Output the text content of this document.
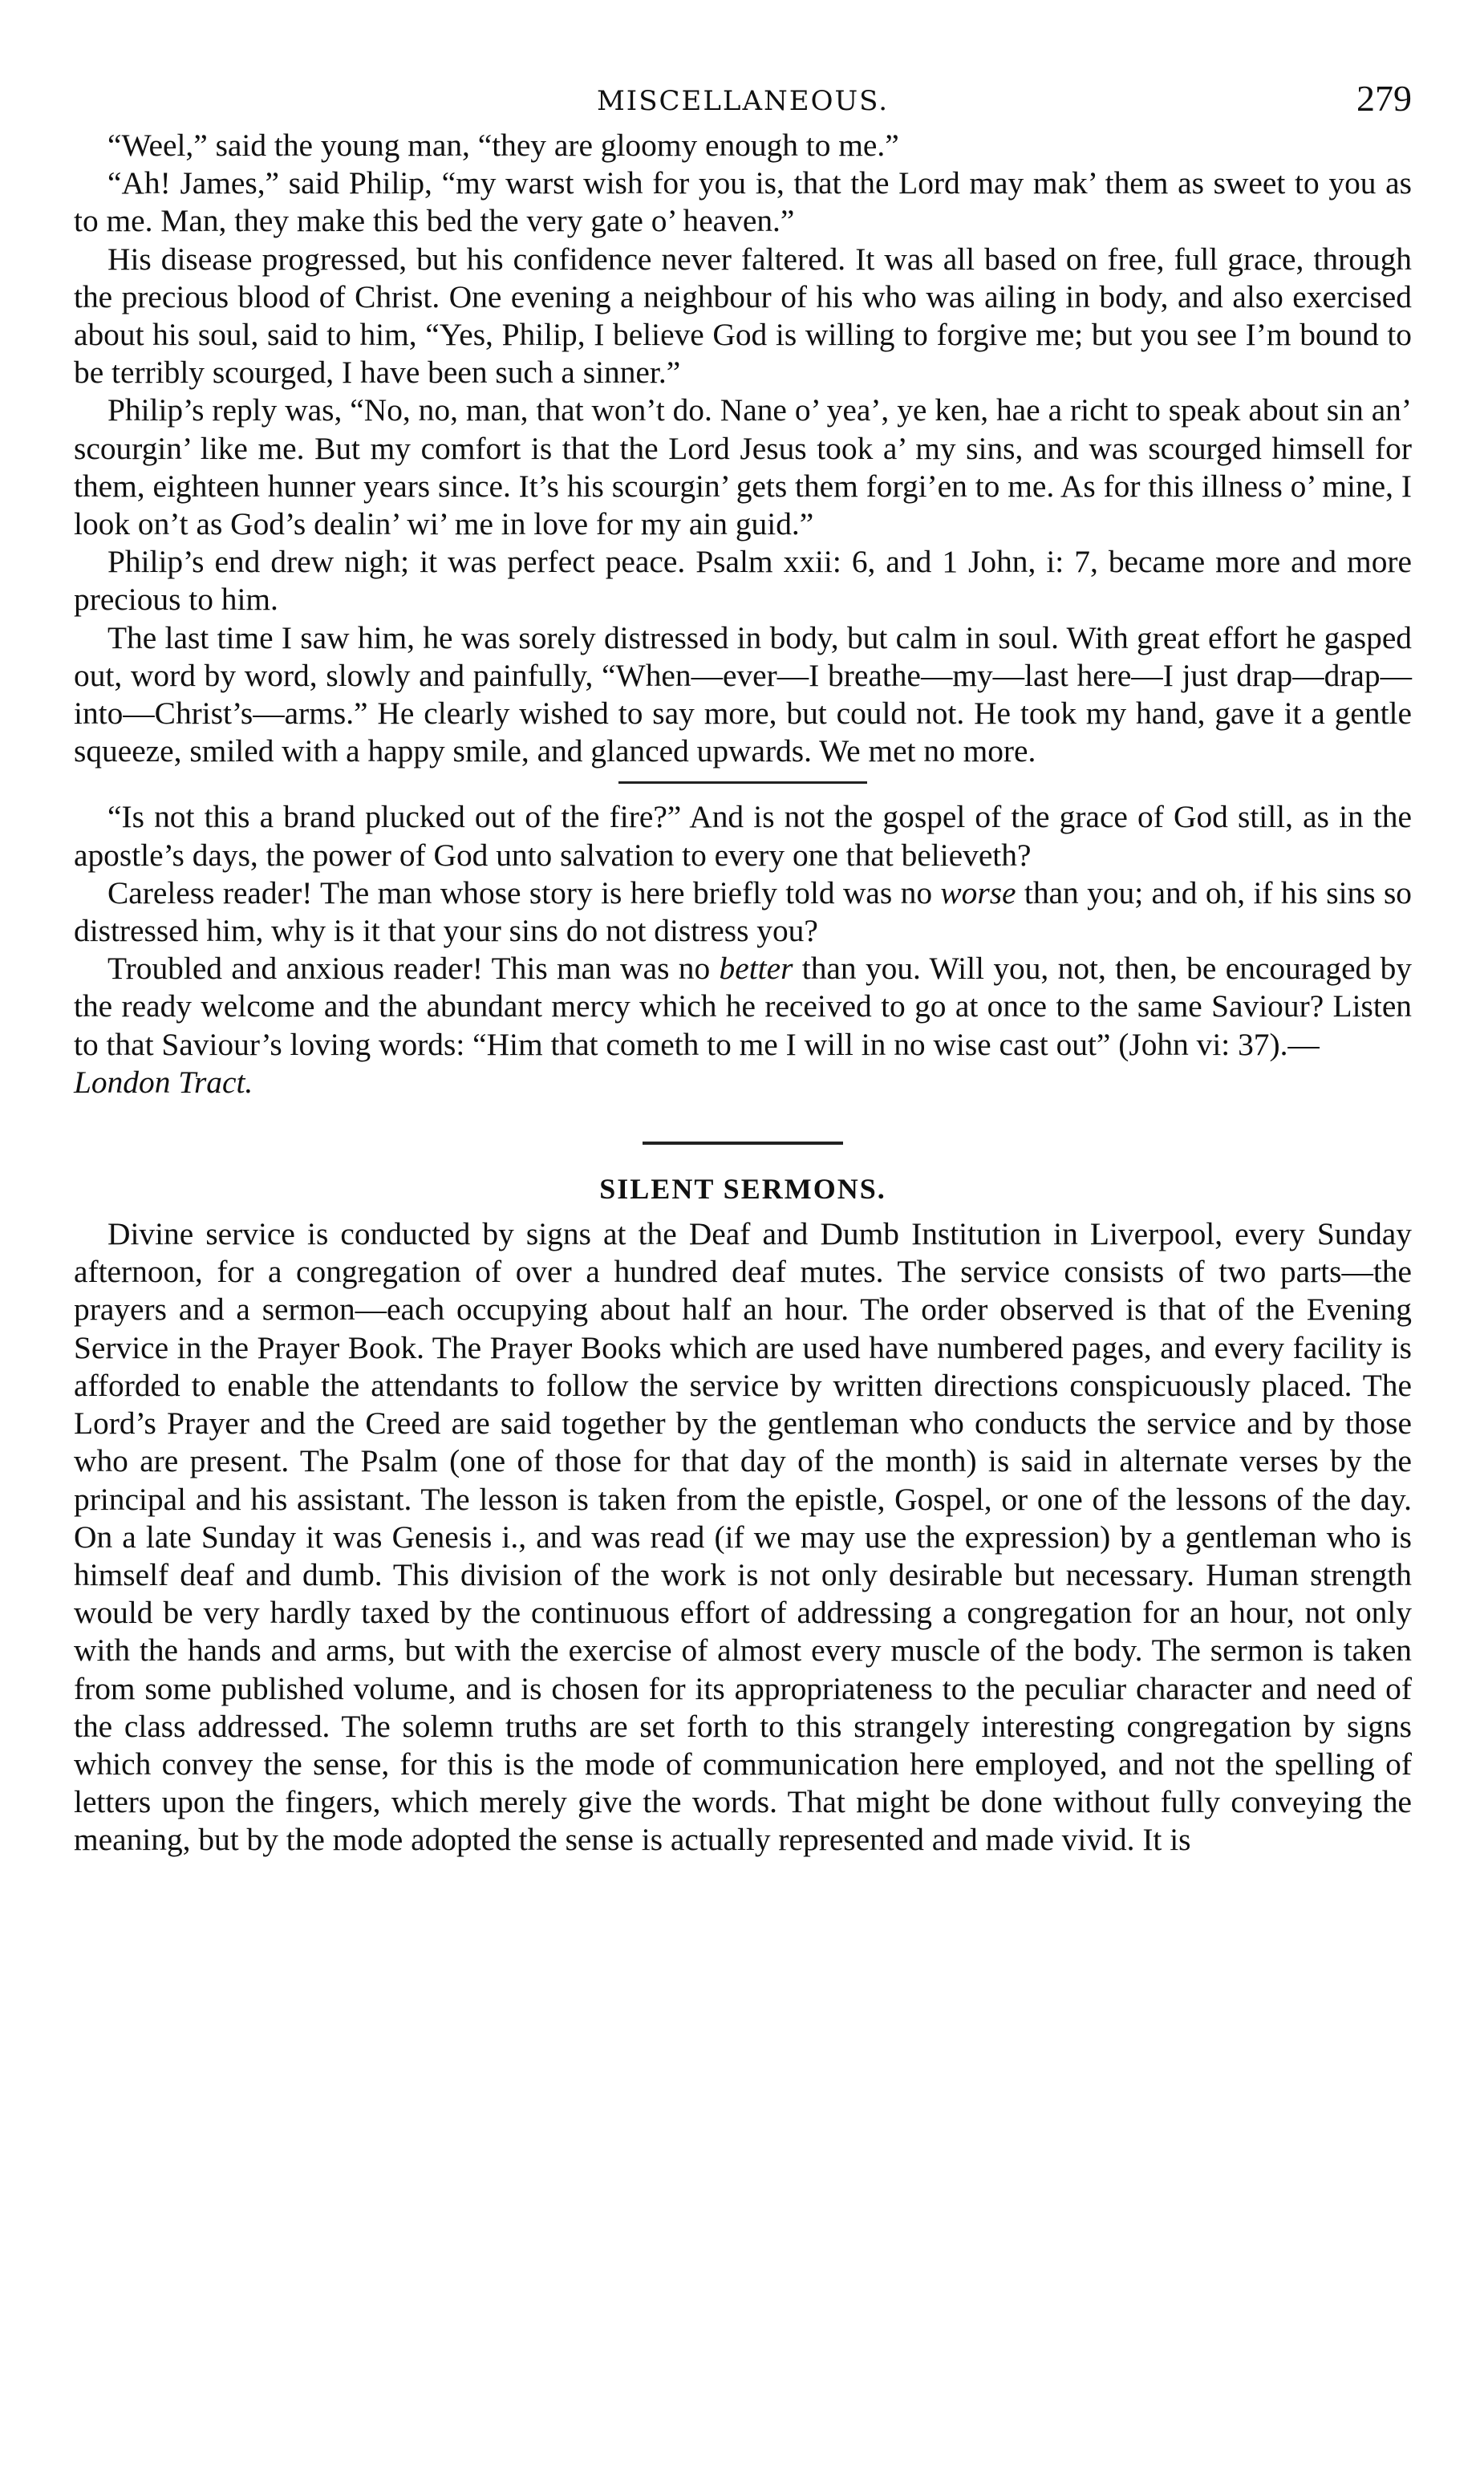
MISCELLANEOUS.	279

“Weel,” said the young man, “they are gloomy enough to me.”

“Ah! James,” said Philip, “my warst wish for you is, that the Lord may mak’ them as sweet to you as to me. Man, they make this bed the very gate o’ heaven.”

His disease progressed, but his confidence never faltered. It was all based on free, full grace, through the precious blood of Christ. One evening a neighbour of his who was ailing in body, and also exercised about his soul, said to him, “Yes, Philip, I believe God is willing to forgive me; but you see I’m bound to be terribly scourged, I have been such a sinner.”

Philip’s reply was, “No, no, man, that won’t do. Nane o’ yea’, ye ken, hae a richt to speak about sin an’ scourgin’ like me. But my comfort is that the Lord Jesus took a’ my sins, and was scourged himsell for them, eighteen hunner years since. It’s his scourgin’ gets them forgi’en to me. As for this illness o’ mine, I look on’t as God’s dealin’ wi’ me in love for my ain guid.”

Philip’s end drew nigh; it was perfect peace. Psalm xxii: 6, and 1 John, i: 7, became more and more precious to him.

The last time I saw him, he was sorely distressed in body, but calm in soul. With great effort he gasped out, word by word, slowly and painfully, “When—ever—I breathe—my—last here—I just drap—drap—into—Christ’s—arms.” He clearly wished to say more, but could not. He took my hand, gave it a gentle squeeze, smiled with a happy smile, and glanced upwards. We met no more.

“Is not this a brand plucked out of the fire?” And is not the gospel of the grace of God still, as in the apostle’s days, the power of God unto salvation to every one that believeth?

Careless reader! The man whose story is here briefly told was no worse than you; and oh, if his sins so distressed him, why is it that your sins do not distress you?

Troubled and anxious reader! This man was no better than you. Will you, not, then, be encouraged by the ready welcome and the abundant mercy which he received to go at once to the same Saviour? Listen to that Saviour’s loving words: “Him that cometh to me I will in no wise cast out” (John vi: 37).—

London Tract.

SILENT SERMONS.

Divine service is conducted by signs at the Deaf and Dumb Institution in Liverpool, every Sunday afternoon, for a congregation of over a hundred deaf mutes. The service consists of two parts—the prayers and a sermon—each occupying about half an hour. The order observed is that of the Evening Service in the Prayer Book. The Prayer Books which are used have numbered pages, and every facility is afforded to enable the attendants to follow the service by written directions conspicuously placed. The Lord’s Prayer and the Creed are said together by the gentleman who conducts the service and by those who are present. The Psalm (one of those for that day of the month) is said in alternate verses by the principal and his assistant. The lesson is taken from the epistle, Gospel, or one of the lessons of the day. On a late Sunday it was Genesis i., and was read (if we may use the expression) by a gentleman who is himself deaf and dumb. This division of the work is not only desirable but necessary. Human strength would be very hardly taxed by the continuous effort of addressing a congregation for an hour, not only with the hands and arms, but with the exercise of almost every muscle of the body. The sermon is taken from some published volume, and is chosen for its appropriateness to the peculiar character and need of the class addressed. The solemn truths are set forth to this strangely interesting congregation by signs which convey the sense, for this is the mode of communication here employed, and not the spelling of letters upon the fingers, which merely give the words. That might be done without fully conveying the meaning, but by the mode adopted the sense is actually represented and made vivid. It is
